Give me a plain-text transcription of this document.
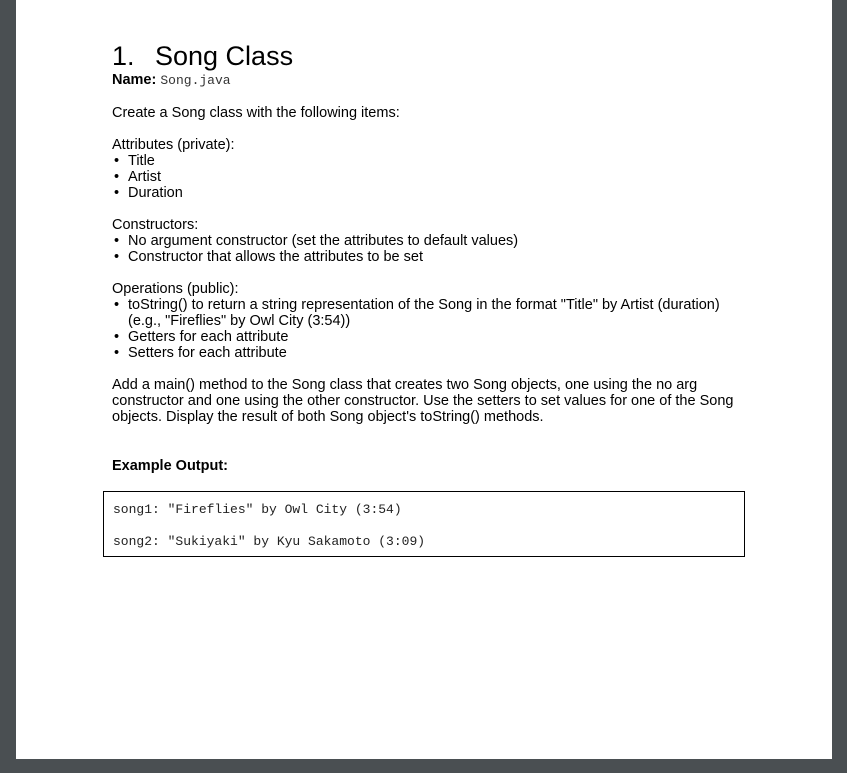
1. Song Class
Name: Song.java

Create a Song class with the following items:

Attributes (private):

• Title
• Artist
• Duration

Constructors:

• No argument constructor (set the attributes to default values)
• Constructor that allows the attributes to be set

Operations (public):

• toString() to return a string representation of the Song in the format "Title" by Artist (duration) (e.g., "Fireflies" by Owl City (3:54))
• Getters for each attribute
• Setters for each attribute

Add a main() method to the Song class that creates two Song objects, one using the no arg constructor and one using the other constructor. Use the setters to set values for one of the Song objects. Display the result of both Song object's toString() methods.

Example Output:

song1: "Fireflies" by Owl City (3:54)
song2: "Sukiyaki" by Kyu Sakamoto (3:09)
